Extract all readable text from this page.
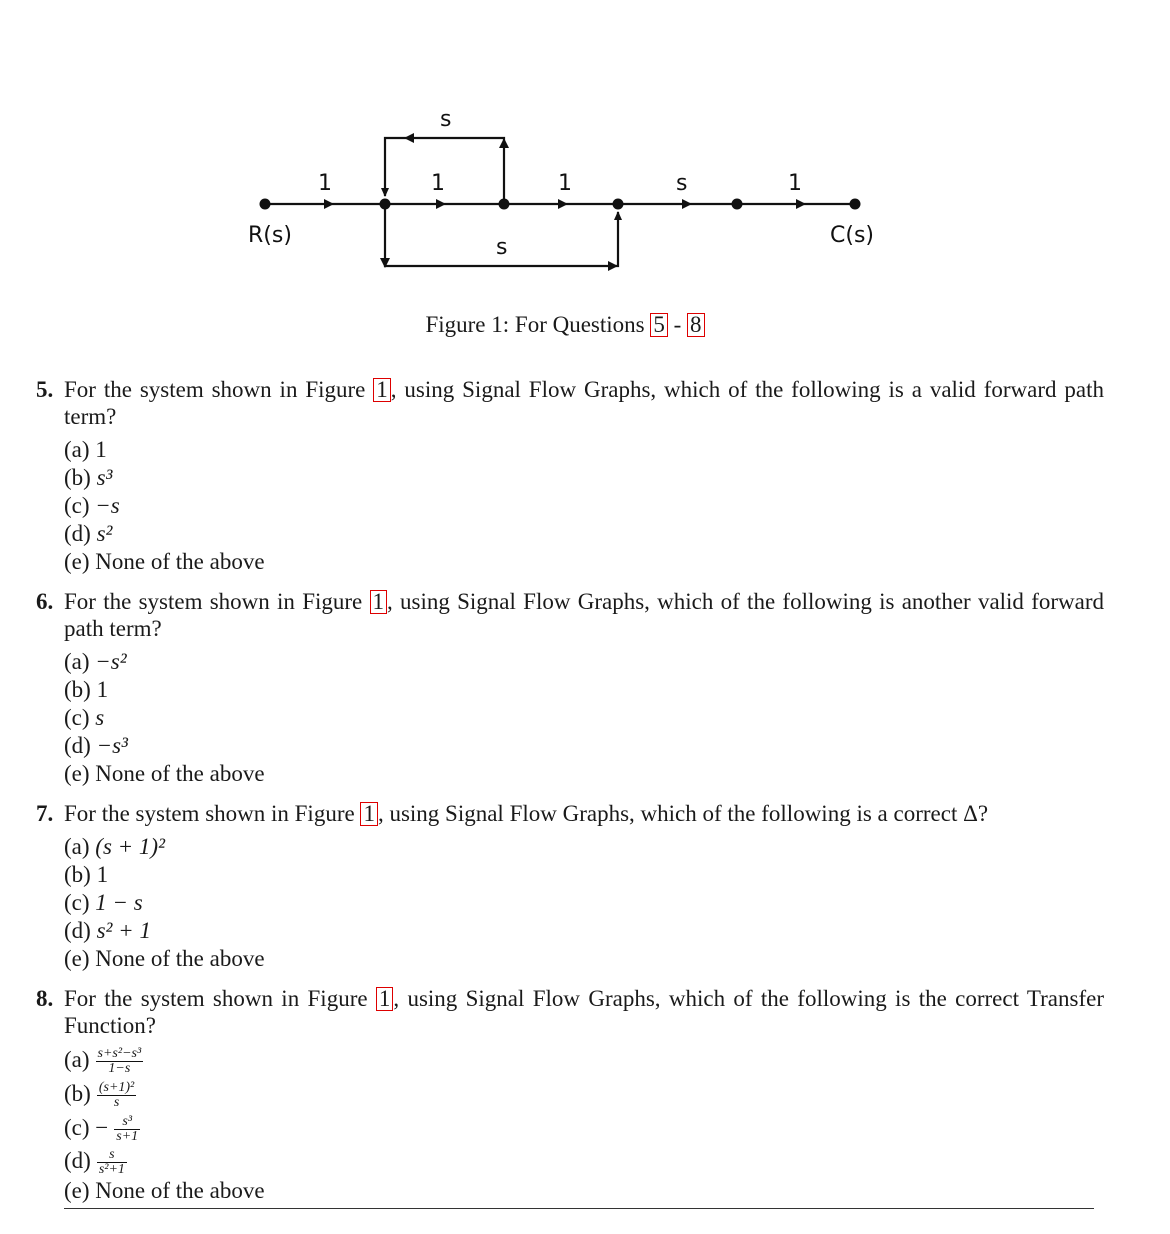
1	1	1	s	1
s
s
R(s)	C(s)
Figure 1: For Questions 5 - 8
5. For the system shown in Figure 1 , using Signal Flow Graphs, which of the following is a valid forward path term?
(a) 1
(b) s³
(c) −s
(d) s²
(e) None of the above
6. For the system shown in Figure 1 , using Signal Flow Graphs, which of the following is another valid forward path term?
(a) −s²
(b) 1
(c) s
(d) −s³
(e) None of the above
7. For the system shown in Figure 1 , using Signal Flow Graphs, which of the following is a correct Δ?
(a) (s + 1)²
(b) 1
(c) 1 − s
(d) s² + 1
(e) None of the above
8. For the system shown in Figure 1 , using Signal Flow Graphs, which of the following is the correct Transfer Function?
$(a) \frac{\text{s+s²−s³}}{1-s}$
$(b) \frac{\text{(s+1)²}}{s}$
$(c) - \frac{\text{s³}}{s+1}$
$(d) \frac{s}{\text{s²+1}}$
(e) None of the above
